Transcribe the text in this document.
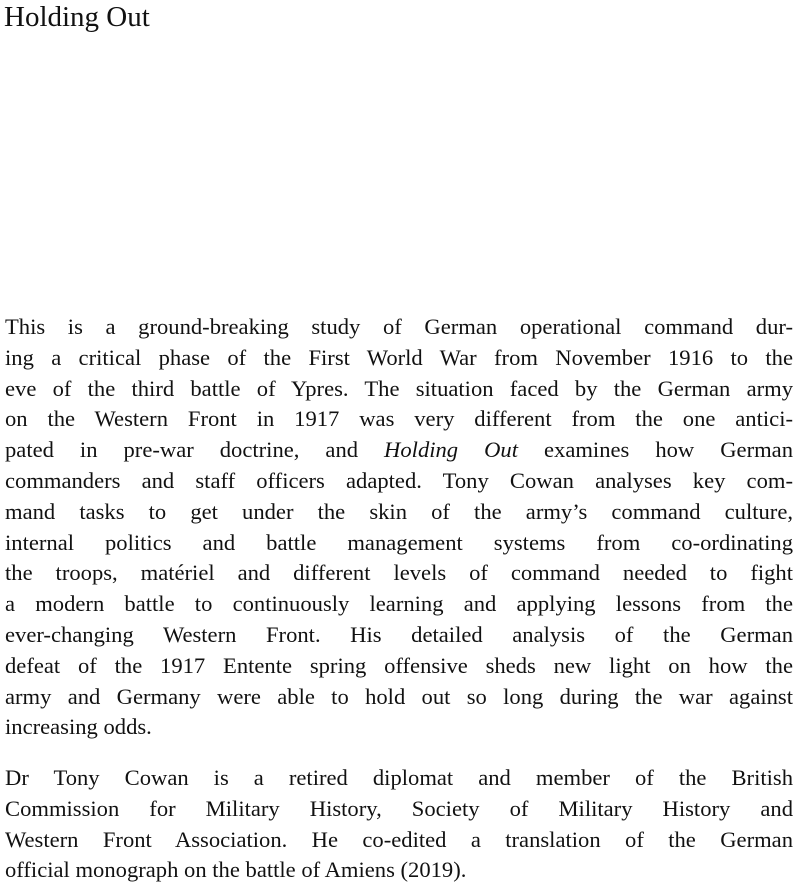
Holding Out
This is a ground-breaking study of German operational command dur-
ing a critical phase of the First World War from November 1916 to the
eve of the third battle of Ypres. The situation faced by the German army
on the Western Front in 1917 was very different from the one antici-
pated in pre-war doctrine, and Holding Out examines how German
commanders and staff officers adapted. Tony Cowan analyses key com-
mand tasks to get under the skin of the army’s command culture,
internal politics and battle management systems from co-ordinating
the troops, matériel and different levels of command needed to fight
a modern battle to continuously learning and applying lessons from the
ever-changing Western Front. His detailed analysis of the German
defeat of the 1917 Entente spring offensive sheds new light on how the
army and Germany were able to hold out so long during the war against
increasing odds.
Dr Tony Cowan is a retired diplomat and member of the British
Commission for Military History, Society of Military History and
Western Front Association. He co-edited a translation of the German
official monograph on the battle of Amiens (2019).
